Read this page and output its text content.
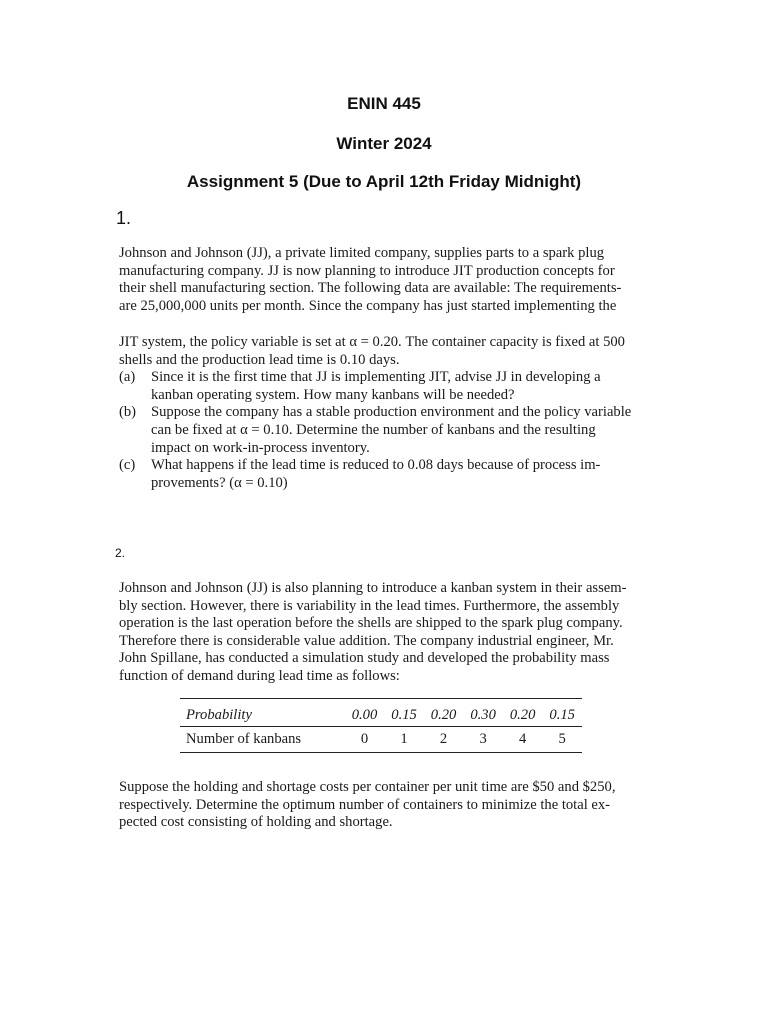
ENIN 445
Winter 2024
Assignment 5 (Due to April 12th Friday Midnight)
1.

Johnson and Johnson (JJ), a private limited company, supplies parts to a spark plug

manufacturing company. JJ is now planning to introduce JIT production concepts for

their shell manufacturing section. The following data are available: The requirements-

are 25,000,000 units per month. Since the company has just started implementing the

JIT system, the policy variable is set at α = 0.20. The container capacity is fixed at 500

shells and the production lead time is 0.10 days.

(a) Since it is the first time that JJ is implementing JIT, advise JJ in developing a

kanban operating system. How many kanbans will be needed?

(b) Suppose the company has a stable production environment and the policy variable

can be fixed at α = 0.10. Determine the number of kanbans and the resulting

impact on work-in-process inventory.

(c) What happens if the lead time is reduced to 0.08 days because of process im-

provements? (α = 0.10)

2.

Johnson and Johnson (JJ) is also planning to introduce a kanban system in their assem-

bly section. However, there is variability in the lead times. Furthermore, the assembly

operation is the last operation before the shells are shipped to the spark plug company.

Therefore there is considerable value addition. The company industrial engineer, Mr.

John Spillane, has conducted a simulation study and developed the probability mass

function of demand during lead time as follows:

Probability	0.00	0.15	0.20	0.30	0.20	0.15
Number of kanbans	0	1	2	3	4	5

Suppose the holding and shortage costs per container per unit time are $50 and $250,

respectively. Determine the optimum number of containers to minimize the total ex-

pected cost consisting of holding and shortage.
